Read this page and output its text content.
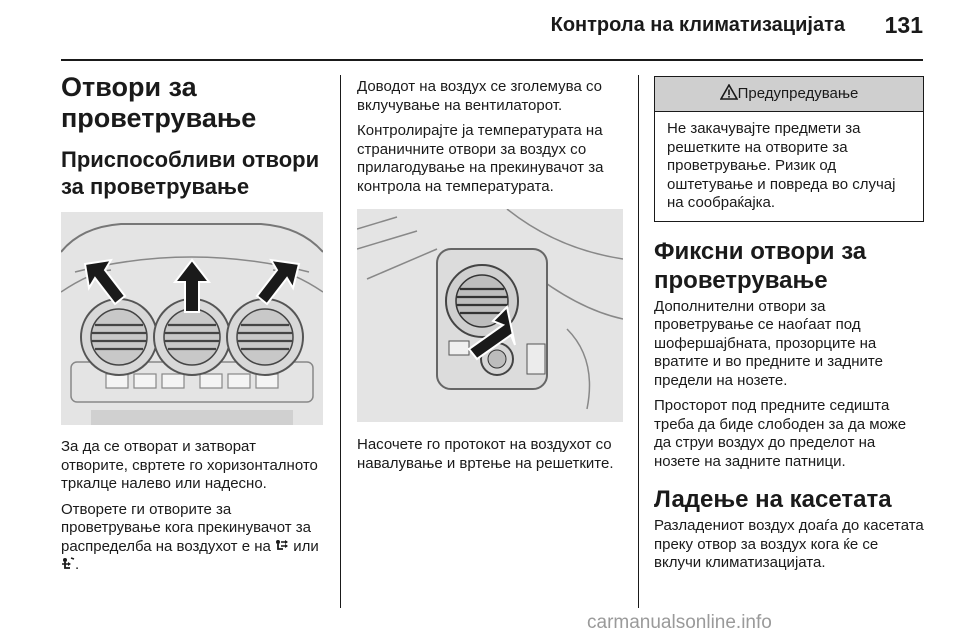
Контрола на климатизацијата	131
Отвори за проветрување
Приспособливи отвори за проветрување

За да се отворат и затворат отворите, свртете го хоризонталното тркалце налево или надесно.

Отворете ги отворите за проветрување кога прекинувачот за распределба на воздухот е на или .

Доводот на воздух се зголемува со вклучување на вентилаторот.

Контролирајте ја температурата на страничните отвори за воздух со прилагодување на прекинувачот за контрола на температурата.

Насочете го протокот на воздухот со навалување и вртење на решетките.

Предупредување

Не закачувајте предмети за решетките на отворите за проветрување. Ризик од оштетување и повреда во случај на сообраќајка.

Фиксни отвори за проветрување

Дополнителни отвори за проветрување се наоѓаат под шофершајбната, прозорците на вратите и во предните и задните предели на нозете.

Просторот под предните седишта треба да биде слободен за да може да струи воздух до пределот на нозете на задните патници.

Ладење на касетата

Разладениот воздух доаѓа до касетата преку отвор за воздух кога ќе се вклучи климатизацијата.

carmanualsonline.info
